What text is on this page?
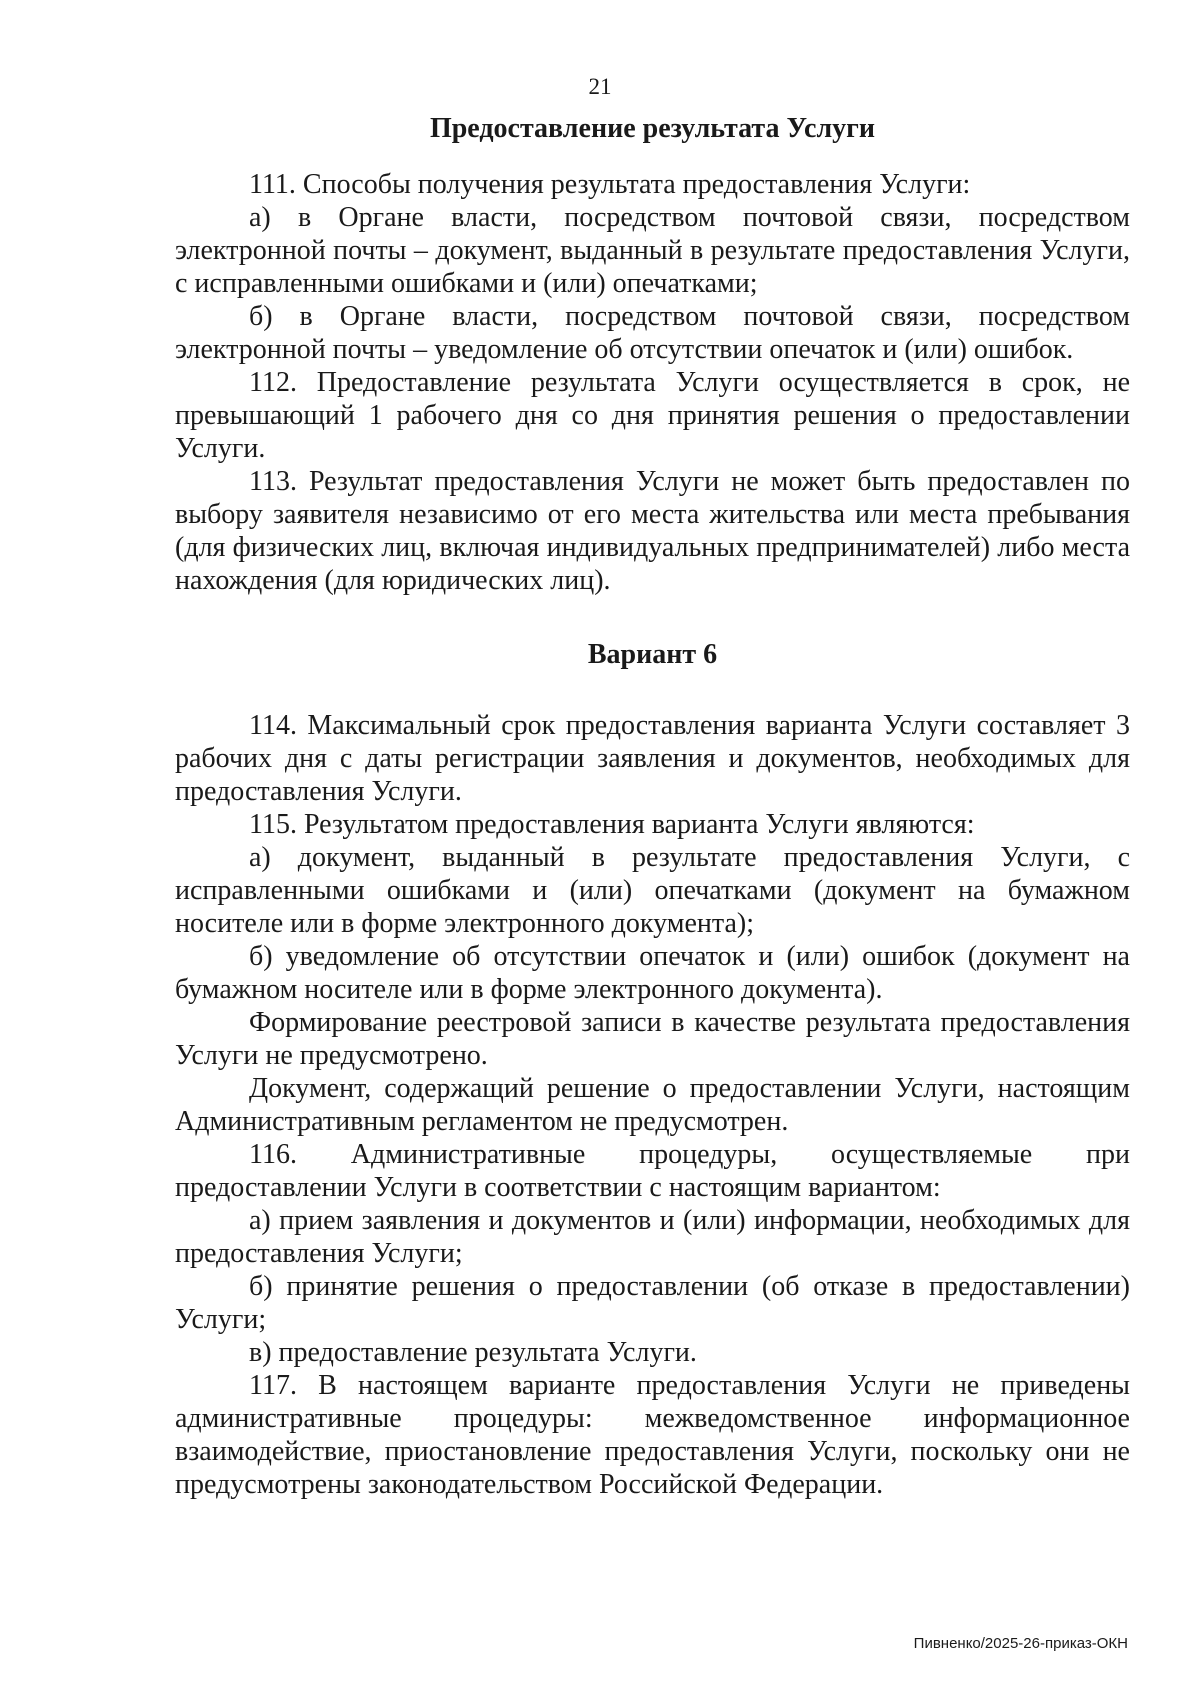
21

Предоставление результата Услуги

111. Способы получения результата предоставления Услуги:

а) в Органе власти, посредством почтовой связи, посредством электронной почты – документ, выданный в результате предоставления Услуги, с исправленными ошибками и (или) опечатками;

б) в Органе власти, посредством почтовой связи, посредством электронной почты – уведомление об отсутствии опечаток и (или) ошибок.

112. Предоставление результата Услуги осуществляется в срок, не превышающий 1 рабочего дня со дня принятия решения о предоставлении Услуги.

113. Результат предоставления Услуги не может быть предоставлен по выбору заявителя независимо от его места жительства или места пребывания (для физических лиц, включая индивидуальных предпринимателей) либо места нахождения (для юридических лиц).

Вариант 6

114. Максимальный срок предоставления варианта Услуги составляет 3 рабочих дня с даты регистрации заявления и документов, необходимых для предоставления Услуги.

115. Результатом предоставления варианта Услуги являются:

а) документ, выданный в результате предоставления Услуги, с исправленными ошибками и (или) опечатками (документ на бумажном носителе или в форме электронного документа);

б) уведомление об отсутствии опечаток и (или) ошибок (документ на бумажном носителе или в форме электронного документа).

Формирование реестровой записи в качестве результата предоставления Услуги не предусмотрено.

Документ, содержащий решение о предоставлении Услуги, настоящим Административным регламентом не предусмотрен.

116. Административные процедуры, осуществляемые при предоставлении Услуги в соответствии с настоящим вариантом:

а) прием заявления и документов и (или) информации, необходимых для предоставления Услуги;

б) принятие решения о предоставлении (об отказе в предоставлении) Услуги;

в) предоставление результата Услуги.

117. В настоящем варианте предоставления Услуги не приведены административные процедуры: межведомственное информационное взаимодействие, приостановление предоставления Услуги, поскольку они не предусмотрены законодательством Российской Федерации.

Пивненко/2025-26-приказ-ОКН
